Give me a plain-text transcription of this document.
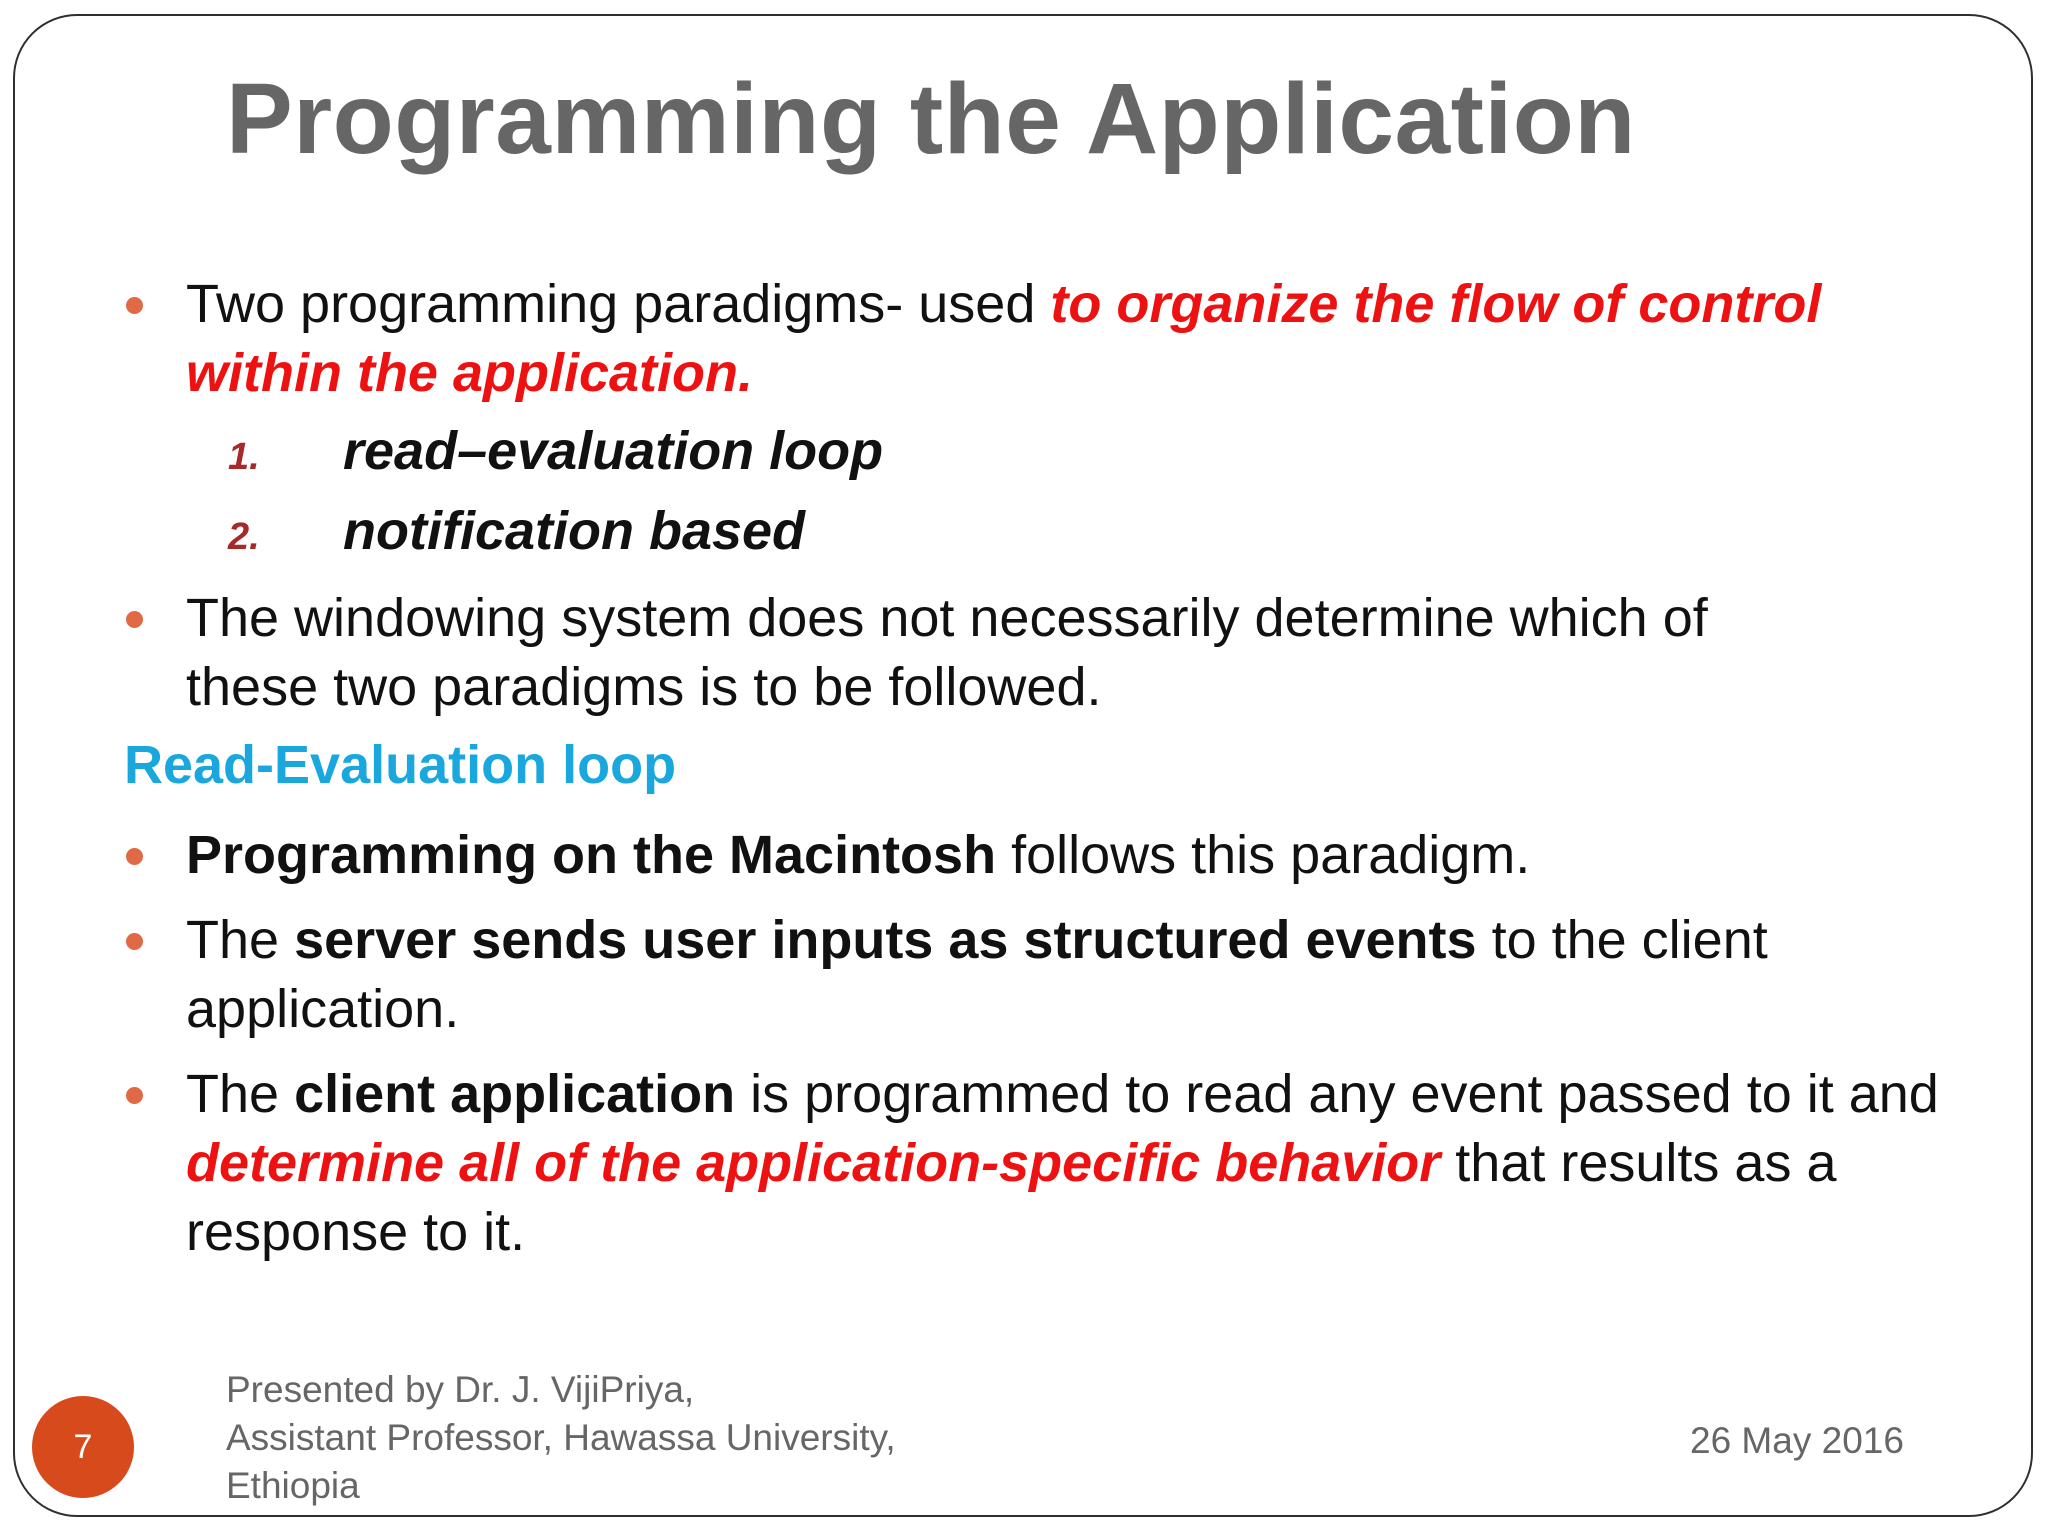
Programming the Application
Two programming paradigms- used to organize the flow of control within the application.
1. read–evaluation loop
2. notification based
The windowing system does not necessarily determine which of these two paradigms is to be followed.
Read-Evaluation loop
Programming on the Macintosh follows this paradigm.
The server sends user inputs as structured events to the client application.
The client application is programmed to read any event passed to it and determine all of the application-specific behavior that results as a response to it.
7
Presented by Dr. J. VijiPriya,
Assistant Professor, Hawassa University,
Ethiopia
26 May 2016
